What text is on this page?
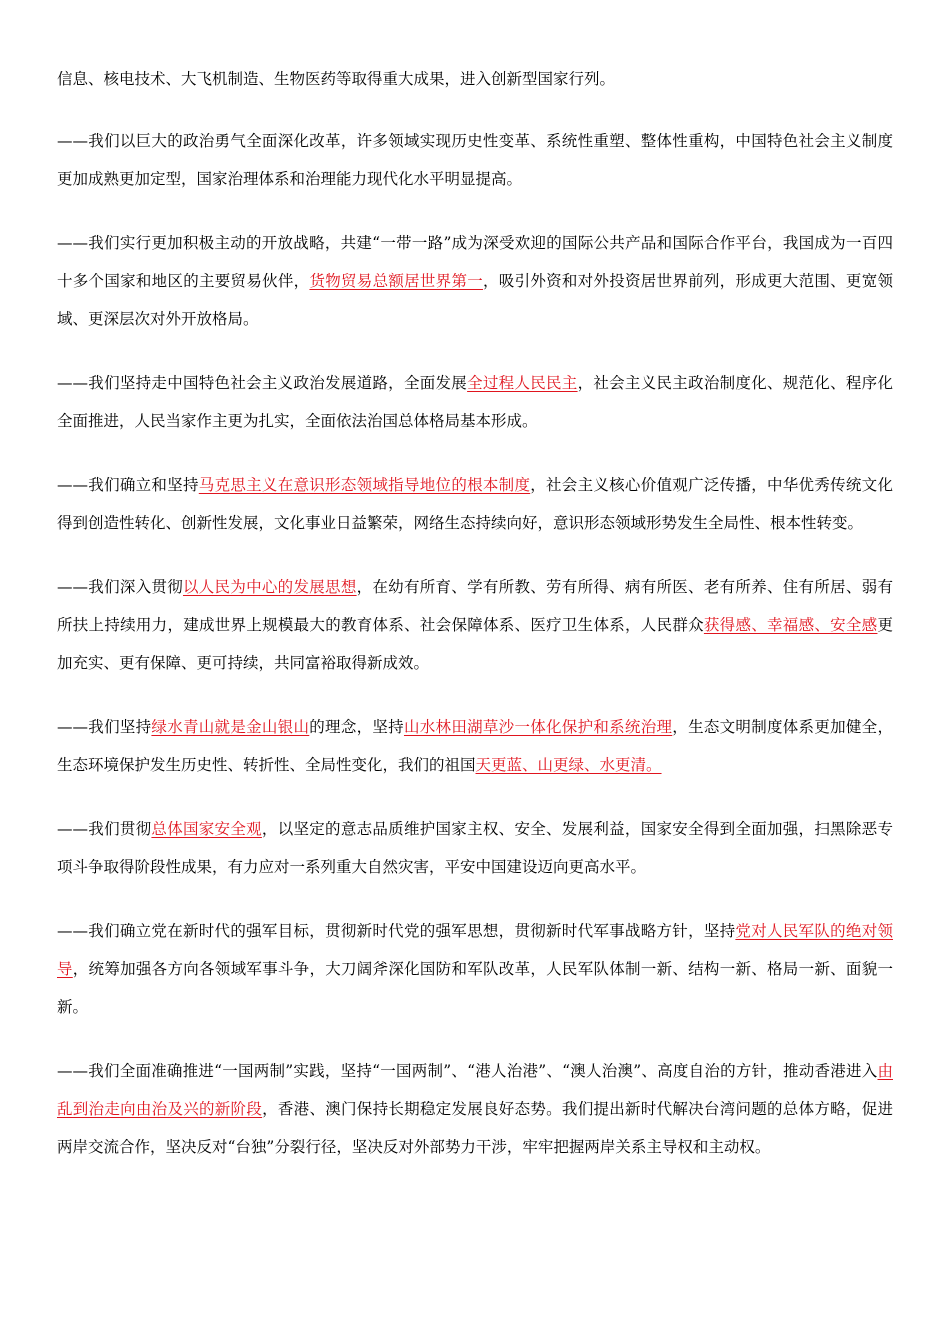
信息、核电技术、大飞机制造、生物医药等取得重大成果，进入创新型国家行列。

——我们以巨大的政治勇气全面深化改革，许多领域实现历史性变革、系统性重塑、整体性重构，中国特色社会主义制度更加成熟更加定型，国家治理体系和治理能力现代化水平明显提高。

——我们实行更加积极主动的开放战略，共建“一带一路”成为深受欢迎的国际公共产品和国际合作平台，我国成为一百四十多个国家和地区的主要贸易伙伴，货物贸易总额居世界第一，吸引外资和对外投资居世界前列，形成更大范围、更宽领域、更深层次对外开放格局。

——我们坚持走中国特色社会主义政治发展道路，全面发展全过程人民民主，社会主义民主政治制度化、规范化、程序化全面推进，人民当家作主更为扎实，全面依法治国总体格局基本形成。

——我们确立和坚持马克思主义在意识形态领域指导地位的根本制度，社会主义核心价值观广泛传播，中华优秀传统文化得到创造性转化、创新性发展，文化事业日益繁荣，网络生态持续向好，意识形态领域形势发生全局性、根本性转变。

——我们深入贯彻以人民为中心的发展思想，在幼有所育、学有所教、劳有所得、病有所医、老有所养、住有所居、弱有所扶上持续用力，建成世界上规模最大的教育体系、社会保障体系、医疗卫生体系，人民群众获得感、幸福感、安全感更加充实、更有保障、更可持续，共同富裕取得新成效。

——我们坚持绿水青山就是金山银山的理念，坚持山水林田湖草沙一体化保护和系统治理，生态文明制度体系更加健全，生态环境保护发生历史性、转折性、全局性变化，我们的祖国天更蓝、山更绿、水更清。

——我们贯彻总体国家安全观，以坚定的意志品质维护国家主权、安全、发展利益，国家安全得到全面加强，扫黑除恶专项斗争取得阶段性成果，有力应对一系列重大自然灾害，平安中国建设迈向更高水平。

——我们确立党在新时代的强军目标，贯彻新时代党的强军思想，贯彻新时代军事战略方针，坚持党对人民军队的绝对领导，统筹加强各方向各领域军事斗争，大刀阔斧深化国防和军队改革，人民军队体制一新、结构一新、格局一新、面貌一新。

——我们全面准确推进“一国两制”实践，坚持“一国两制”、“港人治港”、“澳人治澳”、高度自治的方针，推动香港进入由乱到治走向由治及兴的新阶段，香港、澳门保持长期稳定发展良好态势。我们提出新时代解决台湾问题的总体方略，促进两岸交流合作，坚决反对“台独”分裂行径，坚决反对外部势力干涉，牢牢把握两岸关系主导权和主动权。
